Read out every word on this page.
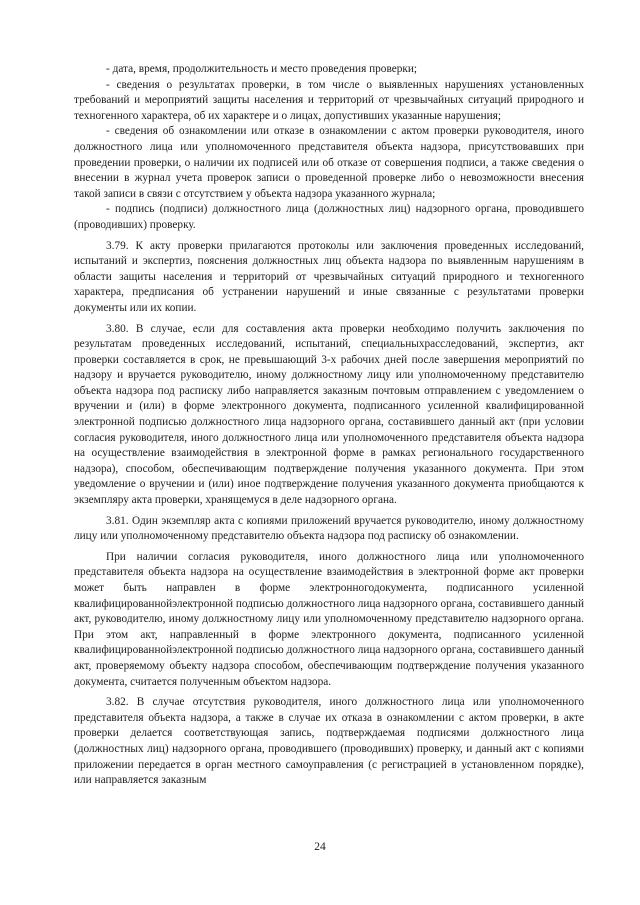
- дата, время, продолжительность и место проведения проверки;

- сведения о результатах проверки, в том числе о выявленных нарушениях установленных требований и мероприятий защиты населения и территорий от чрезвычайных ситуаций природного и техногенного характера, об их характере и о лицах, допустивших указанные нарушения;

- сведения об ознакомлении или отказе в ознакомлении с актом проверки руководителя, иного должностного лица или уполномоченного представителя объекта надзора, присутствовавших при проведении проверки, о наличии их подписей или об отказе от совершения подписи, а также сведения о внесении в журнал учета проверок записи о проведенной проверке либо о невозможности внесения такой записи в связи с отсутствием у объекта надзора указанного журнала;

- подпись (подписи) должностного лица (должностных лиц) надзорного органа, проводившего (проводивших) проверку.

3.79. К акту проверки прилагаются протоколы или заключения проведенных исследований, испытаний и экспертиз, пояснения должностных лиц объекта надзора по выявленным нарушениям в области защиты населения и территорий от чрезвычайных ситуаций природного и техногенного характера, предписания об устранении нарушений и иные связанные с результатами проверки документы или их копии.

3.80. В случае, если для составления акта проверки необходимо получить заключения по результатам проведенных исследований, испытаний, специальныхрасследований, экспертиз, акт проверки составляется в срок, не превышающий 3-х рабочих дней после завершения мероприятий по надзору и вручается руководителю, иному должностному лицу или уполномоченному представителю объекта надзора под расписку либо направляется заказным почтовым отправлением с уведомлением о вручении и (или) в форме электронного документа, подписанного усиленной квалифицированной электронной подписью должностного лица надзорного органа, составившего данный акт (при условии согласия руководителя, иного должностного лица или уполномоченного представителя объекта надзора на осуществление взаимодействия в электронной форме в рамках регионального государственного надзора), способом, обеспечивающим подтверждение получения указанного документа. При этом уведомление о вручении и (или) иное подтверждение получения указанного документа приобщаются к экземпляру акта проверки, хранящемуся в деле надзорного органа.

3.81. Один экземпляр акта с копиями приложений вручается руководителю, иному должностному лицу или уполномоченному представителю объекта надзора под расписку об ознакомлении.

При наличии согласия руководителя, иного должностного лица или уполномоченного представителя объекта надзора на осуществление взаимодействия в электронной форме акт проверки может быть направлен в форме электронногодокумента, подписанного усиленной квалифицированнойэлектронной подписью должностного лица надзорного органа, составившего данный акт, руководителю, иному должностному лицу или уполномоченному представителю надзорного органа. При этом акт, направленный в форме электронного документа, подписанного усиленной квалифицированнойэлектронной подписью должностного лица надзорного органа, составившего данный акт, проверяемому объекту надзора способом, обеспечивающим подтверждение получения указанного документа, считается полученным объектом надзора.

3.82. В случае отсутствия руководителя, иного должностного лица или уполномоченного представителя объекта надзора, а также в случае их отказа в ознакомлении с актом проверки, в акте проверки делается соответствующая запись, подтверждаемая подписями должностного лица (должностных лиц) надзорного органа, проводившего (проводивших) проверку, и данный акт с копиями приложении передается в орган местного самоуправления (с регистрацией в установленном порядке), или направляется заказным

24
